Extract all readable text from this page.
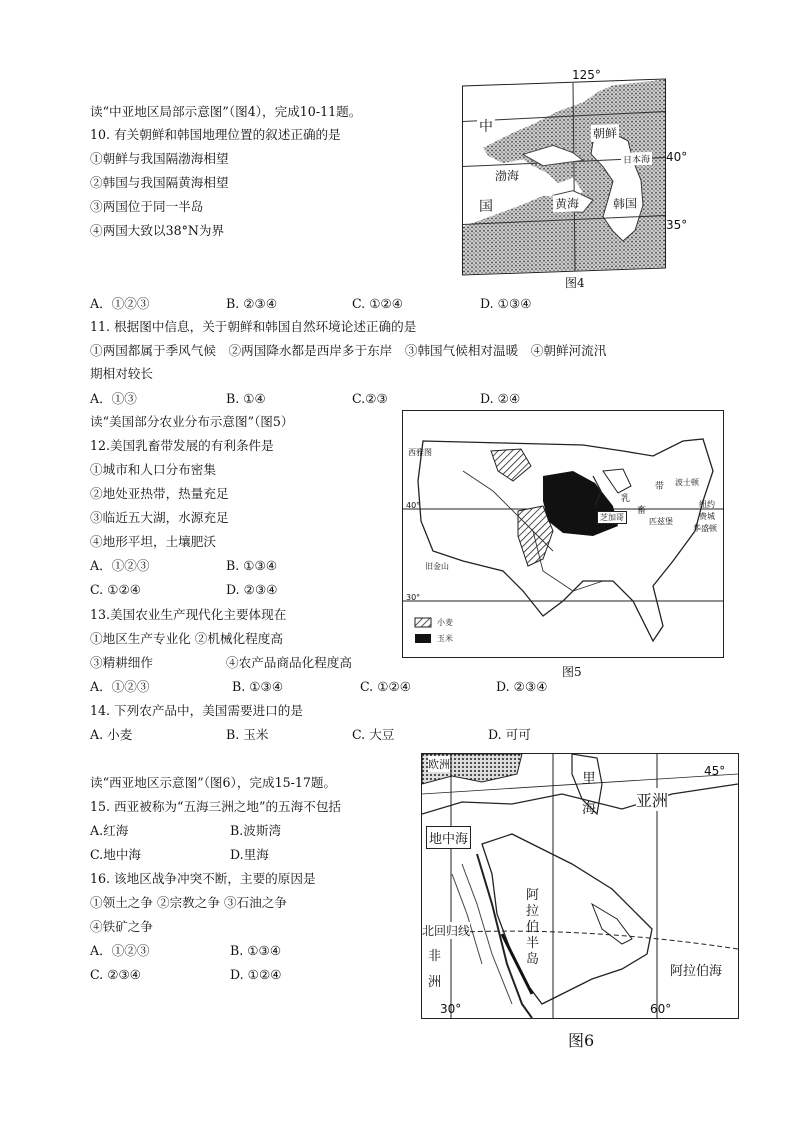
读“中亚地区局部示意图”（图4），完成10-11题。
10. 有关朝鲜和韩国地理位置的叙述正确的是
①朝鲜与我国隔渤海相望
②韩国与我国隔黄海相望
③两国位于同一半岛
④两国大致以38°N为界
A．①②③	B. ②③④	C. ①②④	D. ①③④
11. 根据图中信息，关于朝鲜和韩国自然环境论述正确的是
①两国都属于季风气候　②两国降水都是西岸多于东岸　③韩国气候相对温暖　④朝鲜河流汛
期相对较长
A．①③	B. ①④	C.②③	D. ②④
中
国
朝鲜
渤海
黄海	韩国
日本海
125°
40°
35°
图4
读“美国部分农业分布示意图”（图5）
12.美国乳畜带发展的有利条件是
①城市和人口分布密集
②地处亚热带，热量充足
③临近五大湖，水源充足
④地形平坦，土壤肥沃
A．①②③	B. ①③④
C. ①②④	D. ②③④
13.美国农业生产现代化主要体现在
①地区生产专业化 ②机械化程度高
③精耕细作	④农产品商品化程度高
A．①②③	B. ①③④	C. ①②④	D. ②③④
14. 下列农产品中，美国需要进口的是
A. 小麦	B. 玉米	C. 大豆	D. 可可
西雅图
旧金山
40°
30°
乳
畜
带
芝加哥	匹兹堡
波士顿
纽约
费城
华盛顿
小麦
玉米
图5
读“西亚地区示意图”（图6），完成15-17题。
15. 西亚被称为“五海三洲之地”的五海不包括
A.红海	B.波斯湾
C.地中海	D.里海
16. 该地区战争冲突不断，主要的原因是
①领土之争 ②宗教之争 ③石油之争
④铁矿之争
A．①②③	B. ①③④
C. ②③④	D. ①②④
欧洲	45°
里
海	亚洲
地中海
阿
拉
伯
半
岛
北回归线
非
洲
阿拉伯海
30°	60°
图6
